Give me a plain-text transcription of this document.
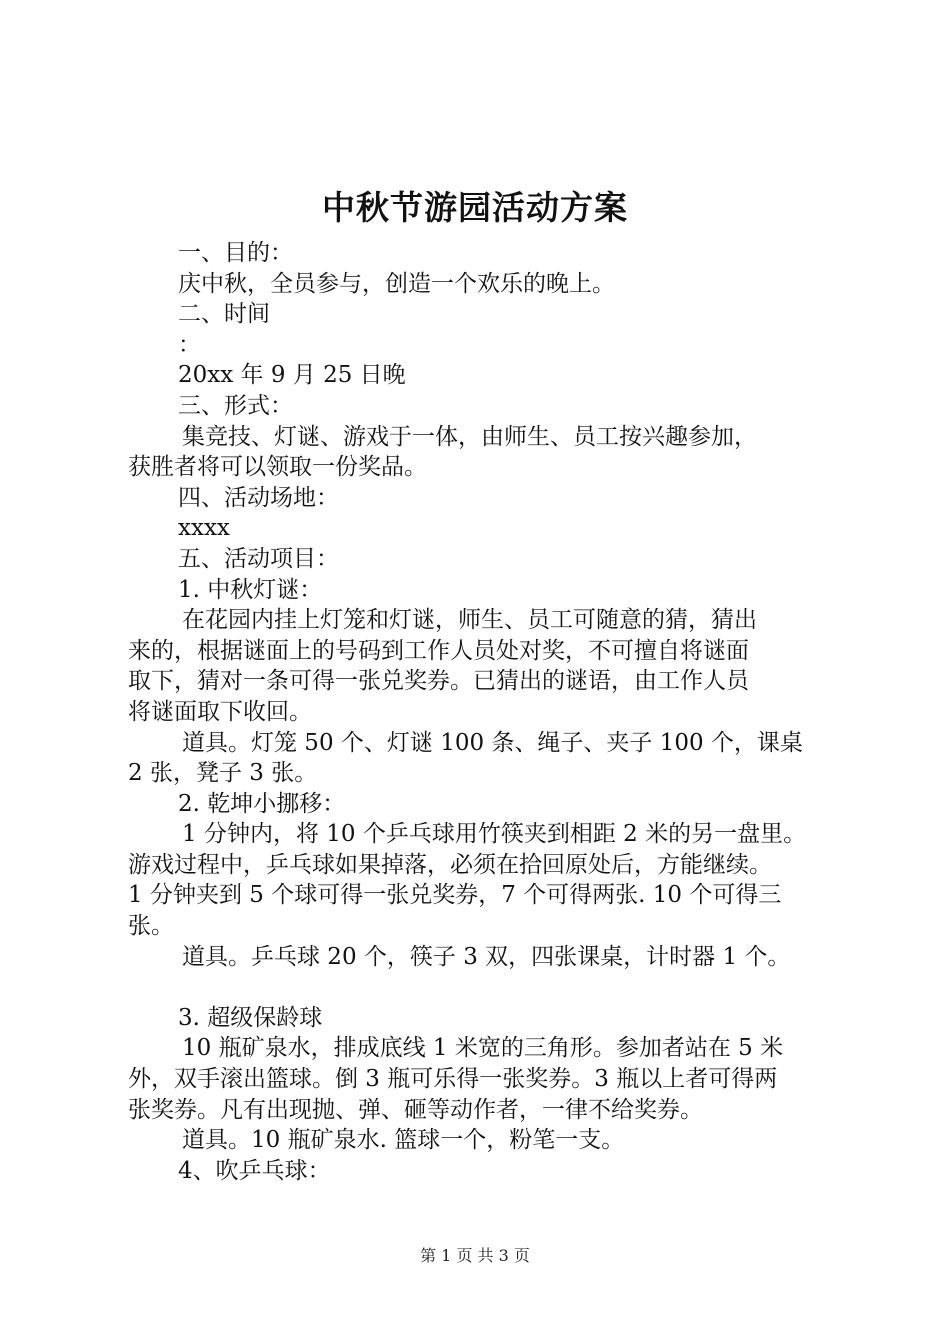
中秋节游园活动方案

一、目的：

庆中秋，全员参与，创造一个欢乐的晚上。

二、时间

：

20xx 年 9 月 25 日晚

三、形式：

集竞技、灯谜、游戏于一体，由师生、员工按兴趣参加，

获胜者将可以领取一份奖品。

四、活动场地：

xxxx

五、活动项目：

1. 中秋灯谜：

在花园内挂上灯笼和灯谜，师生、员工可随意的猜，猜出

来的，根据谜面上的号码到工作人员处对奖，不可擅自将谜面

取下，猜对一条可得一张兑奖券。已猜出的谜语，由工作人员

将谜面取下收回。

道具。灯笼 50 个、灯谜 100 条、绳子、夹子 100 个，课桌

2 张，凳子 3 张。

2. 乾坤小挪移：

1 分钟内，将 10 个乒乓球用竹筷夹到相距 2 米的另一盘里。

游戏过程中，乒乓球如果掉落，必须在拾回原处后，方能继续。

1 分钟夹到 5 个球可得一张兑奖券，7 个可得两张. 10 个可得三

张。

道具。乒乓球 20 个，筷子 3 双，四张课桌，计时器 1 个。

3. 超级保龄球

10 瓶矿泉水，排成底线 1 米宽的三角形。参加者站在 5 米

外，双手滚出篮球。倒 3 瓶可乐得一张奖券。3 瓶以上者可得两

张奖券。凡有出现抛、弹、砸等动作者，一律不给奖券。

道具。10 瓶矿泉水. 篮球一个，粉笔一支。

4、吹乒乓球：

第 1 页 共 3 页
